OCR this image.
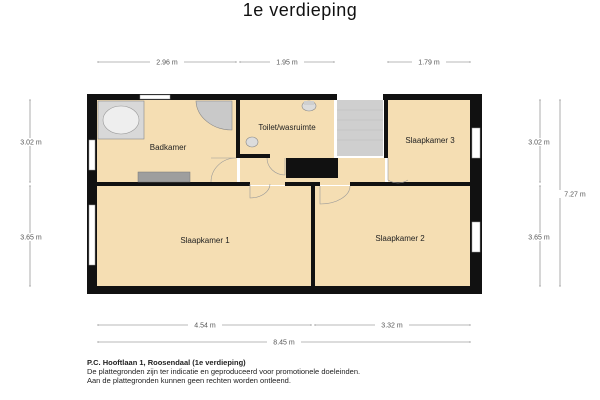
1e verdieping
Badkamer
Toilet/wasruimte
Slaapkamer 3
Slaapkamer 1	Slaapkamer 2
2.96 m	1.95 m	1.79 m
4.54 m	3.32 m
8.45 m
3.02 m
3.65 m
3.02 m
3.65 m
7.27 m
P.C. Hooftlaan 1, Roosendaal (1e verdieping)
De plattegronden zijn ter indicatie en geproduceerd voor promotionele doeleinden.
Aan de plattegronden kunnen geen rechten worden ontleend.
